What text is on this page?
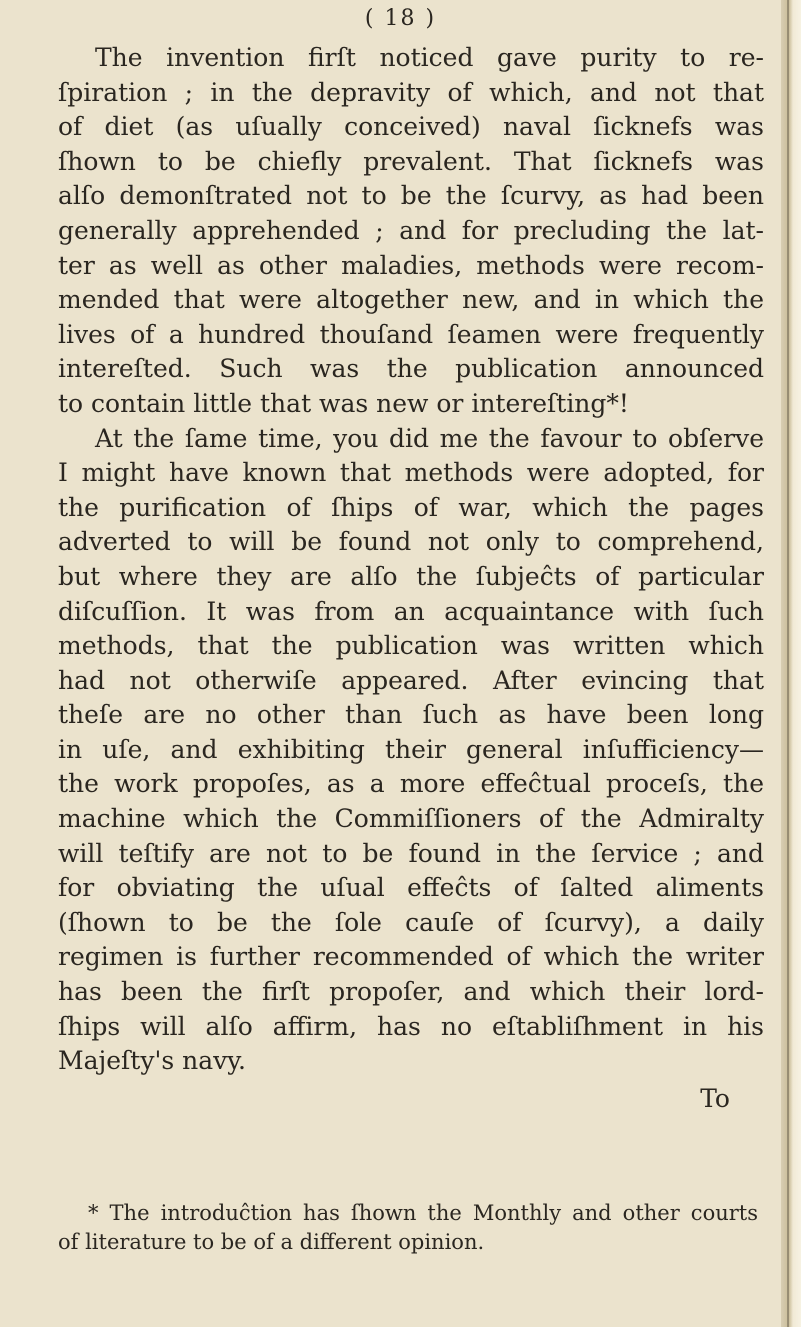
( 18 )
The invention firſt noticed gave purity to re-
ſpiration ; in the depravity of which, and not that
of diet (as uſually conceived) naval ſicknefs was
ſhown to be chiefly prevalent. That ſicknefs was
alſo demonſtrated not to be the ſcurvy, as had been
generally apprehended ; and for precluding the lat-
ter as well as other maladies, methods were recom-
mended that were altogether new, and in which the
lives of a hundred thouſand ſeamen were frequently
intereſted. Such was the publication announced
to contain little that was new or intereſting*!
At the ſame time, you did me the favour to obſerve
I might have known that methods were adopted, for
the purification of ſhips of war, which the pages
adverted to will be found not only to comprehend,
but where they are alſo the ſubjeĉts of particular
diſcuſſion. It was from an acquaintance with ſuch
methods, that the publication was written which
had not otherwiſe appeared. After evincing that
theſe are no other than ſuch as have been long
in uſe, and exhibiting their general inſufficiency—
the work propoſes, as a more effeĉtual proceſs, the
machine which the Commiſſioners of the Admiralty
will teſtify are not to be found in the ſervice ; and
for obviating the uſual effeĉts of ſalted aliments
(ſhown to be the ſole cauſe of ſcurvy), a daily
regimen is further recommended of which the writer
has been the firſt propoſer, and which their lord-
ſhips will alſo affirm, has no eſtabliſhment in his
Majeſty's navy.
To
* The introduĉtion has ſhown the Monthly and other courts
of literature to be of a different opinion.
